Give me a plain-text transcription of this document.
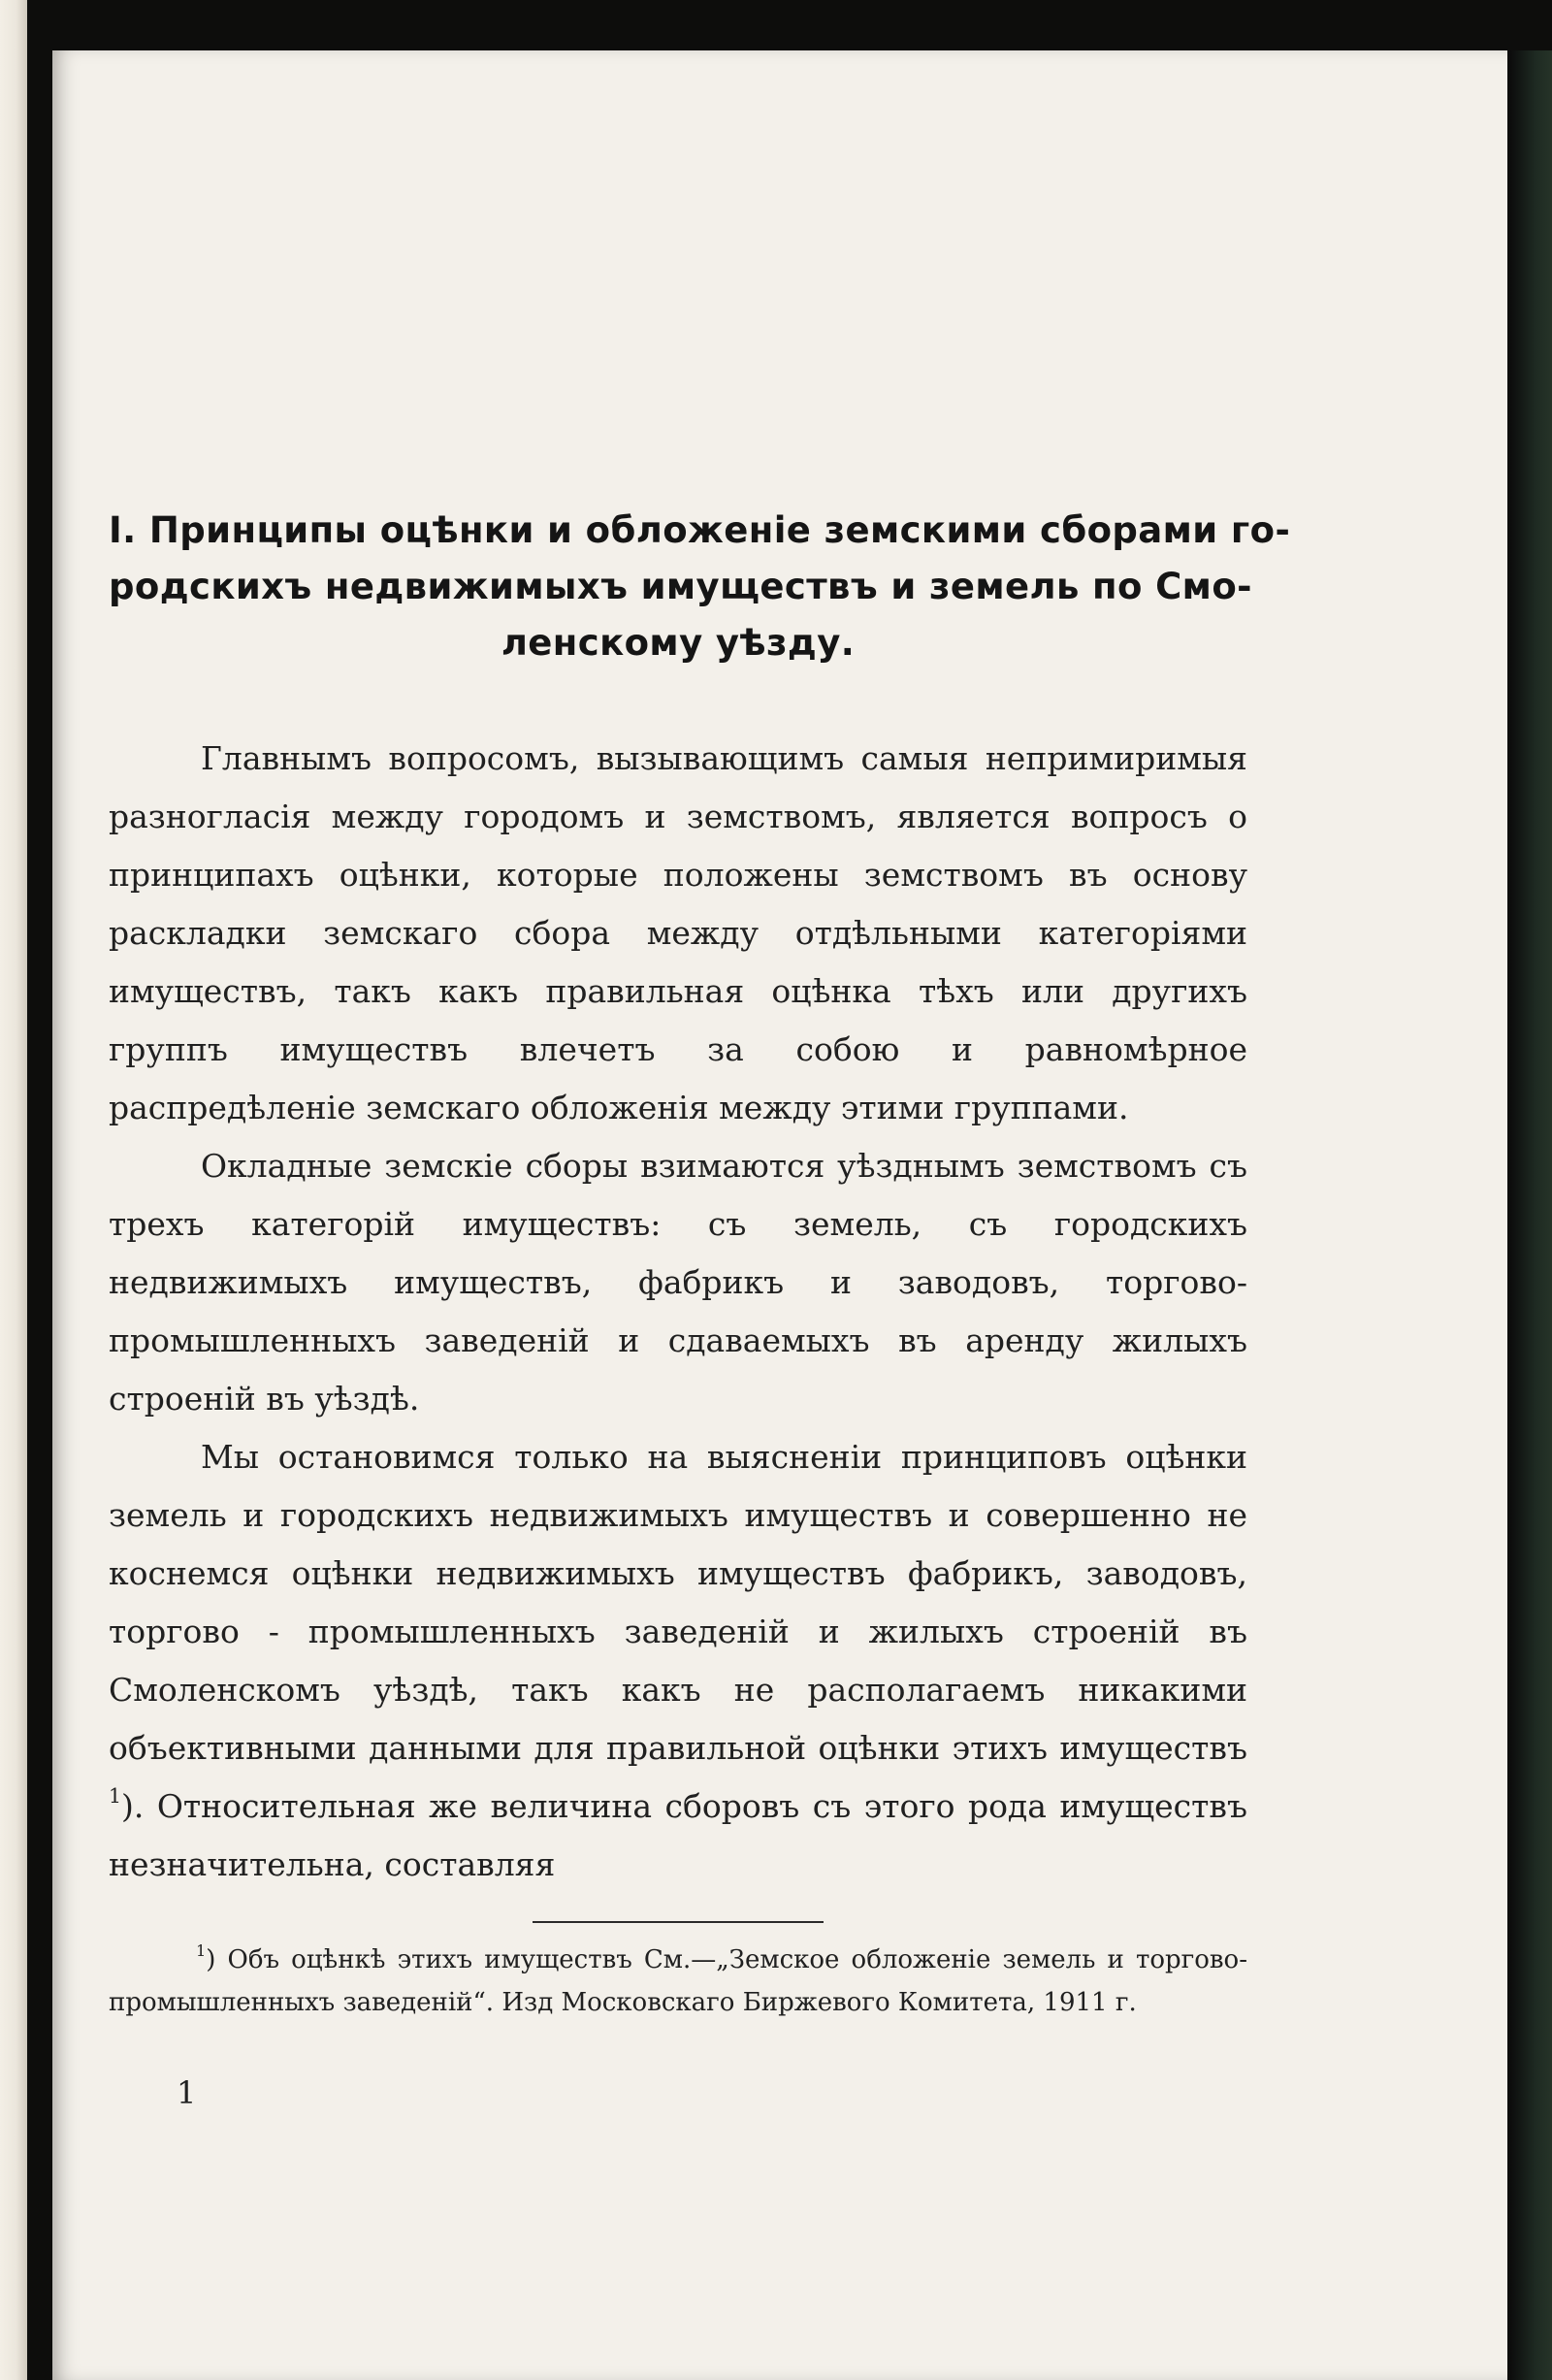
І. Принципы оцѣнки и обложеніе земскими сборами го-
родскихъ недвижимыхъ имуществъ и земель по Смо-
ленскому уѣзду.

Главнымъ вопросомъ, вызывающимъ самыя непримиримыя разногласія между городомъ и земствомъ, является вопросъ о принципахъ оцѣнки, которые положены земствомъ въ основу раскладки земскаго сбора между отдѣльными категоріями имуществъ, такъ какъ правильная оцѣнка тѣхъ или другихъ группъ имуществъ влечетъ за собою и равномѣрное распредѣленіе земскаго обложенія между этими группами.

Окладные земскіе сборы взимаются уѣзднымъ земствомъ съ трехъ категорій имуществъ: съ земель, съ городскихъ недвижимыхъ имуществъ, фабрикъ и заводовъ, торгово-промышленныхъ заведеній и сдаваемыхъ въ аренду жилыхъ строеній въ уѣздѣ.

Мы остановимся только на выясненіи принциповъ оцѣнки земель и городскихъ недвижимыхъ имуществъ и совершенно не коснемся оцѣнки недвижимыхъ имуществъ фабрикъ, заводовъ, торгово - промышленныхъ заведеній и жилыхъ строеній въ Смоленскомъ уѣздѣ, такъ какъ не располагаемъ никакими объективными данными для правильной оцѣнки этихъ имуществъ $^1$). Относительная же величина сборовъ съ этого рода имуществъ незначительна, составляя

$^1$) Объ оцѣнкѣ этихъ имуществъ См.—„Земское обложеніе земель и торгово-промышленныхъ заведеній“. Изд Московскаго Биржевого Комитета, 1911 г.

1
